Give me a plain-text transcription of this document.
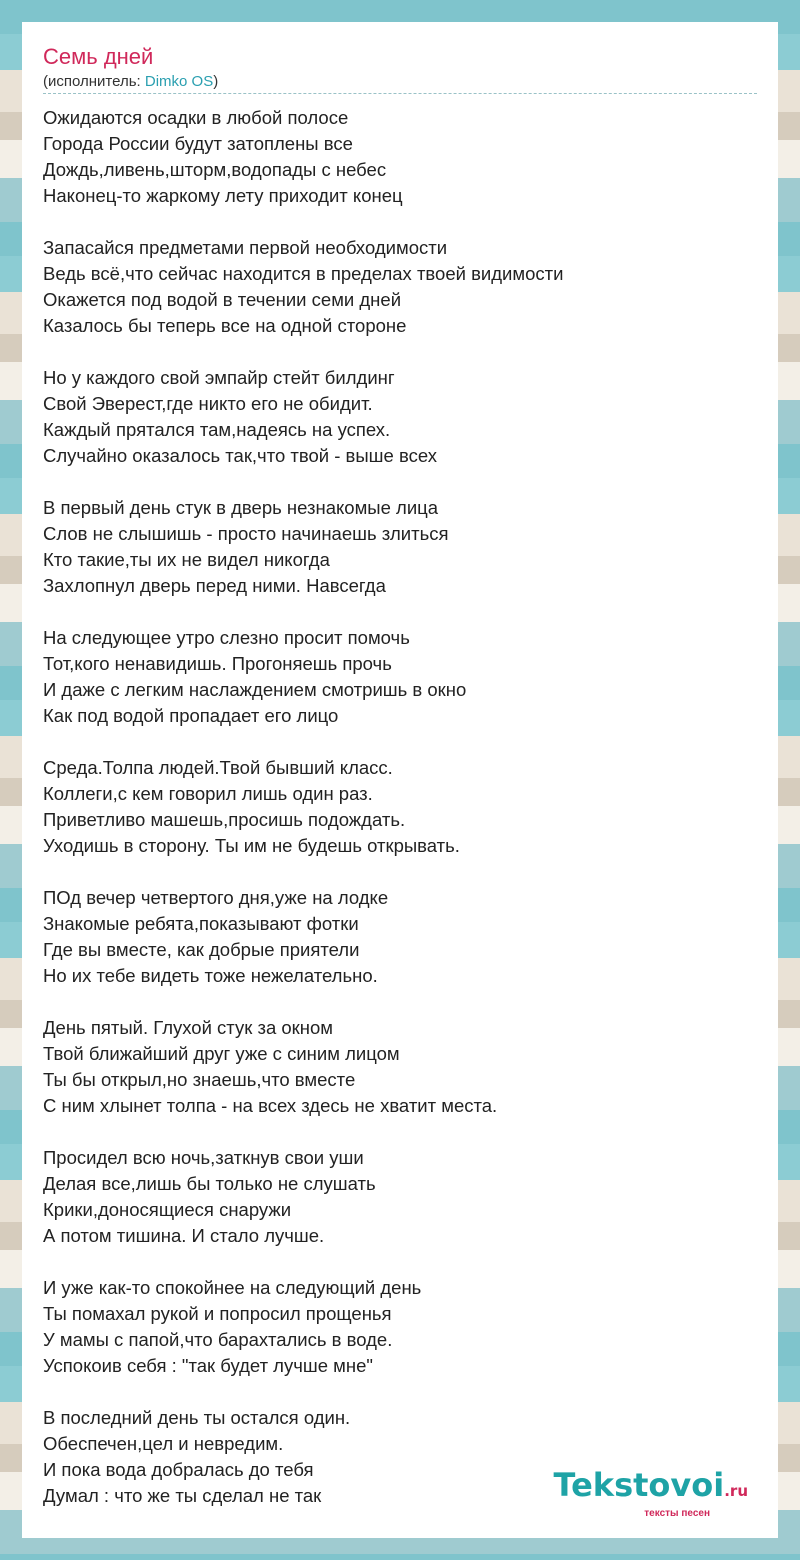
Семь дней
(исполнитель: Dimko OS)
Ожидаются осадки в любой полосе
Города России будут затоплены все
Дождь,ливень,шторм,водопады с небес
Наконец-то жаркому лету приходит конец
Запасайся предметами первой необходимости
Ведь всё,что сейчас находится в пределах твоей видимости
Окажется под водой в течении семи дней
Казалось бы теперь все на одной стороне
Но у каждого свой эмпайр стейт билдинг
Свой Эверест,где никто его не обидит.
Каждый прятался там,надеясь на успех.
Случайно оказалось так,что твой - выше всех
В первый день стук в дверь незнакомые лица
Слов не слышишь - просто начинаешь злиться
Кто такие,ты их не видел никогда
Захлопнул дверь перед ними. Навсегда
На следующее утро слезно просит помочь
Тот,кого ненавидишь. Прогоняешь прочь
И даже с легким наслаждением смотришь в окно
Как под водой пропадает его лицо
Среда.Толпа людей.Твой бывший класс.
Коллеги,с кем говорил лишь один раз.
Приветливо машешь,просишь подождать.
Уходишь в сторону. Ты им не будешь открывать.
ПОд вечер четвертого дня,уже на лодке
Знакомые ребята,показывают фотки
Где вы вместе, как добрые приятели
Но их тебе видеть тоже нежелательно.
День пятый. Глухой стук за окном
Твой ближайший друг уже с синим лицом
Ты бы открыл,но знаешь,что вместе
С ним хлынет толпа - на всех здесь не хватит места.
Просидел всю ночь,заткнув свои уши
Делая все,лишь бы только не слушать
Крики,доносящиеся снаружи
А потом тишина. И стало лучше.
И уже как-то спокойнее на следующий день
Ты помахал рукой и попросил прощенья
У мамы с папой,что барахтались в воде.
Успокоив себя : "так будет лучше мне"
В последний день ты остался один.
Обеспечен,цел и невредим.
И пока вода добралась до тебя
Думал : что же ты сделал не так	Tekstovoi.ru
тексты песен
